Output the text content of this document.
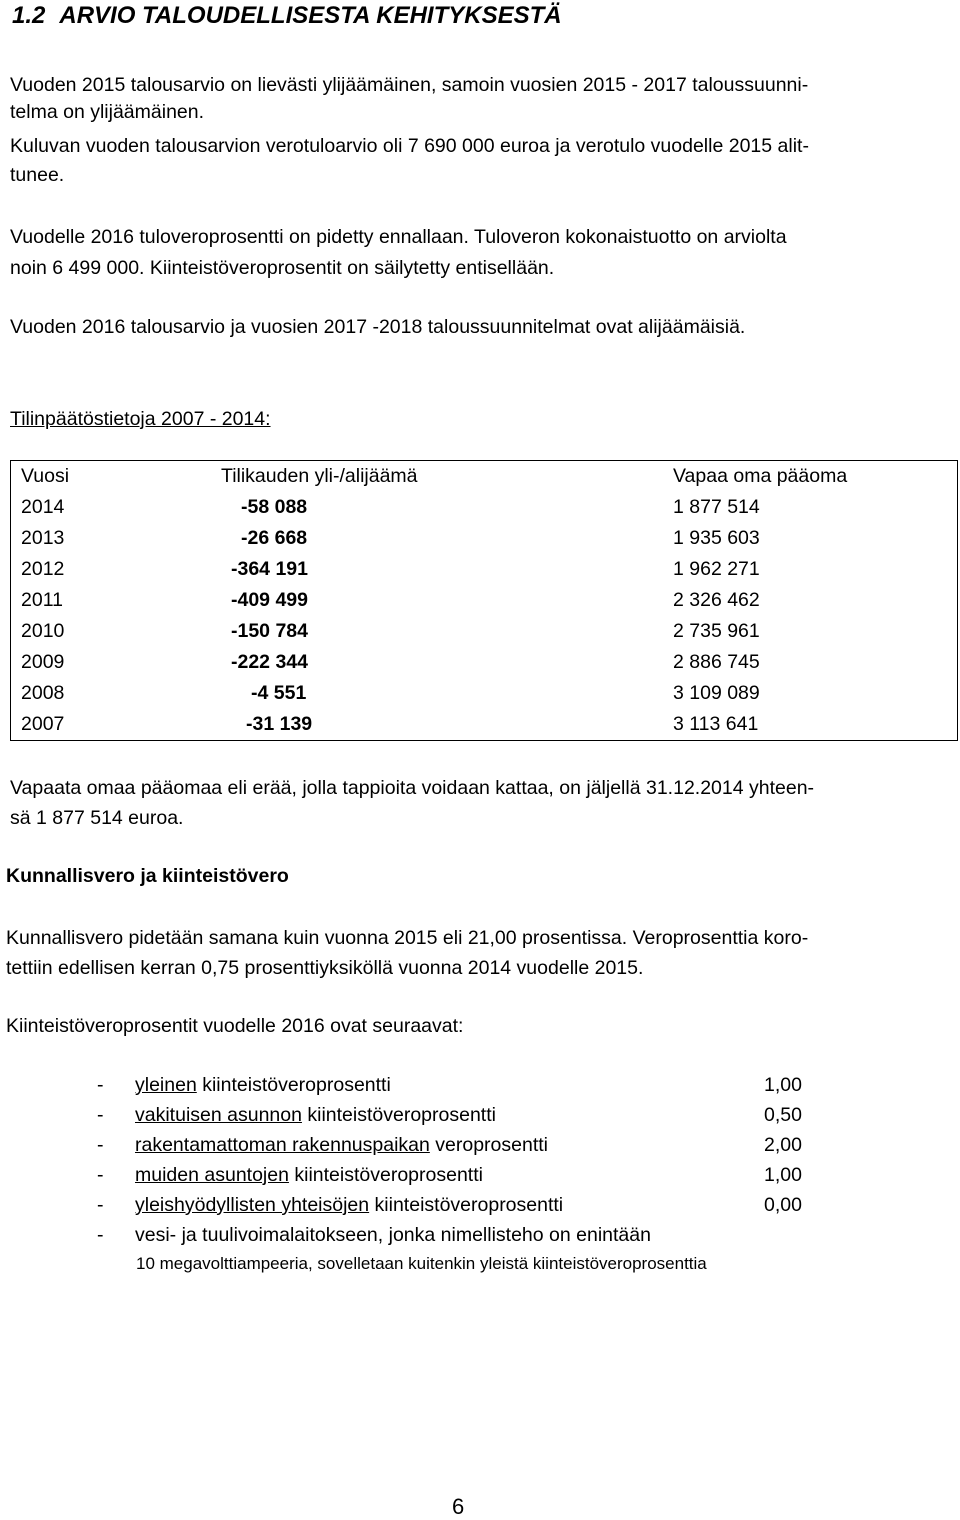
1.2 ARVIO TALOUDELLISESTA KEHITYKSESTÄ
Vuoden 2015 talousarvio on lievästi ylijäämäinen, samoin vuosien 2015 - 2017 taloussuunni-
telma on ylijäämäinen.
Kuluvan vuoden talousarvion verotuloarvio oli 7 690 000 euroa ja verotulo vuodelle 2015 alit-
tunee.
Vuodelle 2016 tuloveroprosentti on pidetty ennallaan. Tuloveron kokonaistuotto on arviolta
noin 6 499 000. Kiinteistöveroprosentit on säilytetty entisellään.
Vuoden 2016 talousarvio ja vuosien 2017 -2018 taloussuunnitelmat ovat alijäämäisiä.
Tilinpäätöstietoja 2007 - 2014:
Vuosi	Tilikauden yli-/alijäämä	Vapaa oma pääoma
2014	-58 088	1 877 514
2013	-26 668	1 935 603
2012	-364 191	1 962 271
2011	-409 499	2 326 462
2010	-150 784	2 735 961
2009	-222 344	2 886 745
2008	-4 551	3 109 089
2007	-31 139	3 113 641
Vapaata omaa pääomaa eli erää, jolla tappioita voidaan kattaa, on jäljellä 31.12.2014 yhteen-
sä 1 877 514 euroa.
Kunnallisvero ja kiinteistövero
Kunnallisvero pidetään samana kuin vuonna 2015 eli 21,00 prosentissa. Veroprosenttia koro-
tettiin edellisen kerran 0,75 prosenttiyksiköllä vuonna 2014 vuodelle 2015.
Kiinteistöveroprosentit vuodelle 2016 ovat seuraavat:
- yleinen kiinteistöveroprosentti	1,00
- vakituisen asunnon kiinteistöveroprosentti	0,50
- rakentamattoman rakennuspaikan veroprosentti	2,00
- muiden asuntojen kiinteistöveroprosentti	1,00
- yleishyödyllisten yhteisöjen kiinteistöveroprosentti	0,00
- vesi- ja tuulivoimalaitokseen, jonka nimellisteho on enintään
10 megavolttiampeeria, sovelletaan kuitenkin yleistä kiinteistöveroprosenttia
6
